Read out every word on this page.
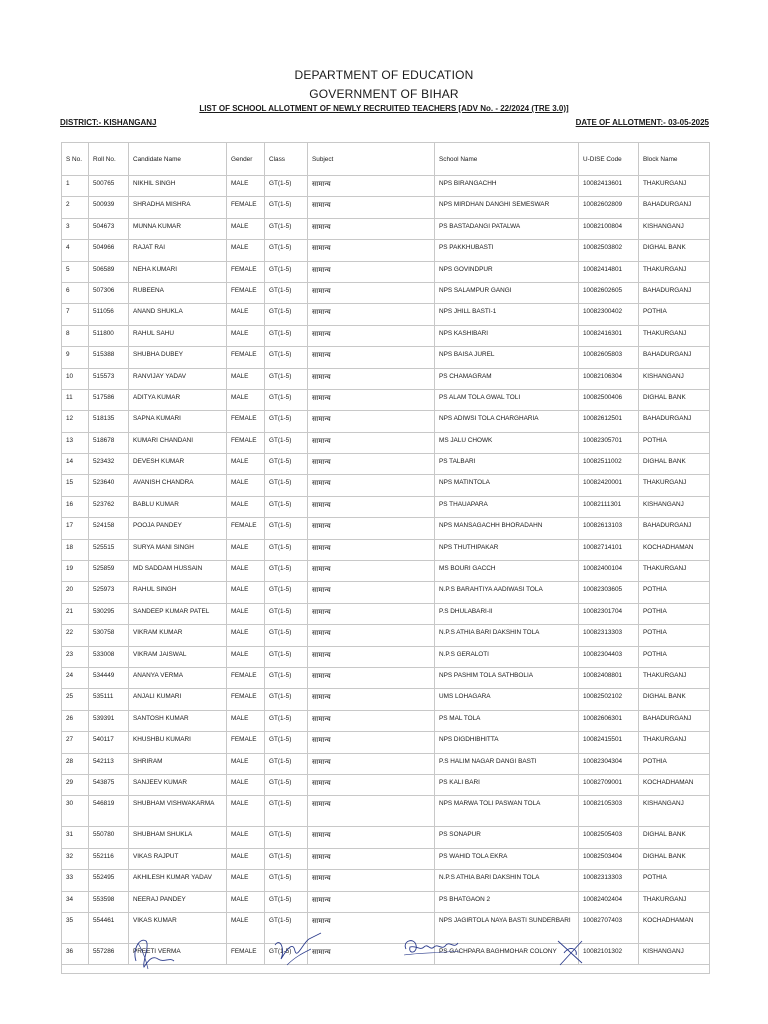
DEPARTMENT OF EDUCATION
GOVERNMENT OF BIHAR
LIST OF SCHOOL ALLOTMENT OF NEWLY RECRUITED TEACHERS [ADV No. - 22/2024 (TRE 3.0)]
DISTRICT:- KISHANGANJ	DATE OF ALLOTMENT:- 03-05-2025
S No.	Roll No.	Candidate Name	Gender	Class	Subject	School Name	U-DISE Code	Block Name
1	500765	NIKHIL SINGH	MALE	GT(1-5)	सामान्य	NPS BIRANGACHH	10082413601	THAKURGANJ
2	500939	SHRADHA MISHRA	FEMALE	GT(1-5)	सामान्य	NPS MIRDHAN DANGHI SEMESWAR	10082602809	BAHADURGANJ
3	504673	MUNNA KUMAR	MALE	GT(1-5)	सामान्य	PS BASTADANGI PATALWA	10082100804	KISHANGANJ
4	504966	RAJAT RAI	MALE	GT(1-5)	सामान्य	PS PAKKHUBASTI	10082503802	DIGHAL BANK
5	506589	NEHA KUMARI	FEMALE	GT(1-5)	सामान्य	NPS GOVINDPUR	10082414801	THAKURGANJ
6	507306	RUBEENA	FEMALE	GT(1-5)	सामान्य	NPS SALAMPUR GANGI	10082602605	BAHADURGANJ
7	511056	ANAND SHUKLA	MALE	GT(1-5)	सामान्य	NPS JHILL BASTI-1	10082300402	POTHIA
8	511800	RAHUL SAHU	MALE	GT(1-5)	सामान्य	NPS KASHIBARI	10082416301	THAKURGANJ
9	515388	SHUBHA DUBEY	FEMALE	GT(1-5)	सामान्य	NPS BAISA JUREL	10082605803	BAHADURGANJ
10	515573	RANVIJAY YADAV	MALE	GT(1-5)	सामान्य	PS CHAMAGRAM	10082106304	KISHANGANJ
11	517586	ADITYA KUMAR	MALE	GT(1-5)	सामान्य	PS ALAM TOLA GWAL TOLI	10082500406	DIGHAL BANK
12	518135	SAPNA KUMARI	FEMALE	GT(1-5)	सामान्य	NPS ADIWSI TOLA CHARGHARIA	10082612501	BAHADURGANJ
13	518678	KUMARI CHANDANI	FEMALE	GT(1-5)	सामान्य	MS JALU CHOWK	10082305701	POTHIA
14	523432	DEVESH KUMAR	MALE	GT(1-5)	सामान्य	PS TALBARI	10082511002	DIGHAL BANK
15	523640	AVANISH CHANDRA	MALE	GT(1-5)	सामान्य	NPS MATINTOLA	10082420001	THAKURGANJ
16	523762	BABLU KUMAR	MALE	GT(1-5)	सामान्य	PS THAUAPARA	10082111301	KISHANGANJ
17	524158	POOJA PANDEY	FEMALE	GT(1-5)	सामान्य	NPS MANSAGACHH BHORADAHN	10082613103	BAHADURGANJ
18	525515	SURYA MANI SINGH	MALE	GT(1-5)	सामान्य	NPS THUTHIPAKAR	10082714101	KOCHADHAMAN
19	525859	MD SADDAM HUSSAIN	MALE	GT(1-5)	सामान्य	MS BOURI GACCH	10082400104	THAKURGANJ
20	525973	RAHUL SINGH	MALE	GT(1-5)	सामान्य	N.P.S BARAHTIYA AADIWASI TOLA	10082303605	POTHIA
21	530295	SANDEEP KUMAR PATEL	MALE	GT(1-5)	सामान्य	P.S DHULABARI-II	10082301704	POTHIA
22	530758	VIKRAM KUMAR	MALE	GT(1-5)	सामान्य	N.P.S ATHIA BARI DAKSHIN TOLA	10082313303	POTHIA
23	533008	VIKRAM JAISWAL	MALE	GT(1-5)	सामान्य	N.P.S GERALOTI	10082304403	POTHIA
24	534449	ANANYA VERMA	FEMALE	GT(1-5)	सामान्य	NPS PASHIM TOLA SATHBOLIA	10082408801	THAKURGANJ
25	535111	ANJALI KUMARI	FEMALE	GT(1-5)	सामान्य	UMS LOHAGARA	10082502102	DIGHAL BANK
26	539391	SANTOSH KUMAR	MALE	GT(1-5)	सामान्य	PS MAL TOLA	10082606301	BAHADURGANJ
27	540117	KHUSHBU KUMARI	FEMALE	GT(1-5)	सामान्य	NPS DIGDHIBHITTA	10082415501	THAKURGANJ
28	542113	SHRIRAM	MALE	GT(1-5)	सामान्य	P.S HALIM NAGAR DANGI BASTI	10082304304	POTHIA
29	543875	SANJEEV KUMAR	MALE	GT(1-5)	सामान्य	PS KALI BARI	10082709001	KOCHADHAMAN
30	546819	SHUBHAM VISHWAKARMA	MALE	GT(1-5)	सामान्य	NPS MARWA TOLI PASWAN TOLA	10082105303	KISHANGANJ
31	550780	SHUBHAM SHUKLA	MALE	GT(1-5)	सामान्य	PS SONAPUR	10082505403	DIGHAL BANK
32	552116	VIKAS RAJPUT	MALE	GT(1-5)	सामान्य	PS WAHID TOLA EKRA	10082503404	DIGHAL BANK
33	552495	AKHILESH KUMAR YADAV	MALE	GT(1-5)	सामान्य	N.P.S ATHIA BARI DAKSHIN TOLA	10082313303	POTHIA
34	553598	NEERAJ PANDEY	MALE	GT(1-5)	सामान्य	PS BHATGAON 2	10082402404	THAKURGANJ
35	554461	VIKAS KUMAR	MALE	GT(1-5)	सामान्य	NPS JAGIRTOLA NAYA BASTI SUNDERBARI	10082707403	KOCHADHAMAN
36	557286	PREETI VERMA	FEMALE	GT(1-5)	सामान्य	PS GACHPARA BAGHMOHAR COLONY	10082101302	KISHANGANJ
